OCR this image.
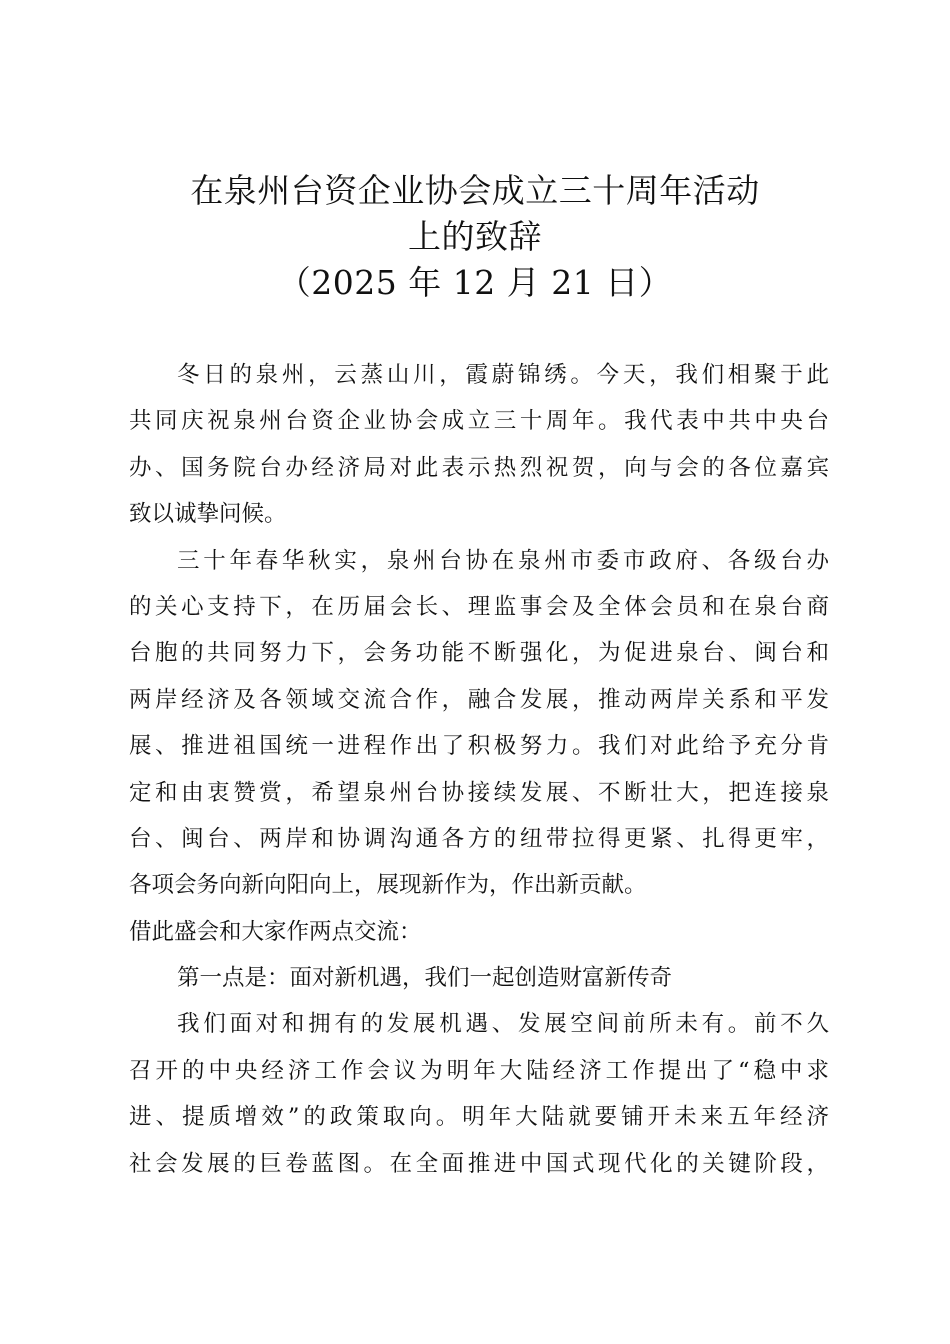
在泉州台资企业协会成立三十周年活动
上的致辞
（2025 年 12 月 21 日）
冬日的泉州，云蒸山川，霞蔚锦绣。今天，我们相聚于此
共同庆祝泉州台资企业协会成立三十周年。我代表中共中央台
办、国务院台办经济局对此表示热烈祝贺，向与会的各位嘉宾
致以诚挚问候。
三十年春华秋实，泉州台协在泉州市委市政府、各级台办
的关心支持下，在历届会长、理监事会及全体会员和在泉台商
台胞的共同努力下，会务功能不断强化，为促进泉台、闽台和
两岸经济及各领域交流合作，融合发展，推动两岸关系和平发
展、推进祖国统一进程作出了积极努力。我们对此给予充分肯
定和由衷赞赏，希望泉州台协接续发展、不断壮大，把连接泉
台、闽台、两岸和协调沟通各方的纽带拉得更紧、扎得更牢，
各项会务向新向阳向上，展现新作为，作出新贡献。
借此盛会和大家作两点交流：
第一点是：面对新机遇，我们一起创造财富新传奇
我们面对和拥有的发展机遇、发展空间前所未有。前不久
召开的中央经济工作会议为明年大陆经济工作提出了“稳中求
进、提质增效”的政策取向。明年大陆就要铺开未来五年经济
社会发展的巨卷蓝图。在全面推进中国式现代化的关键阶段，
